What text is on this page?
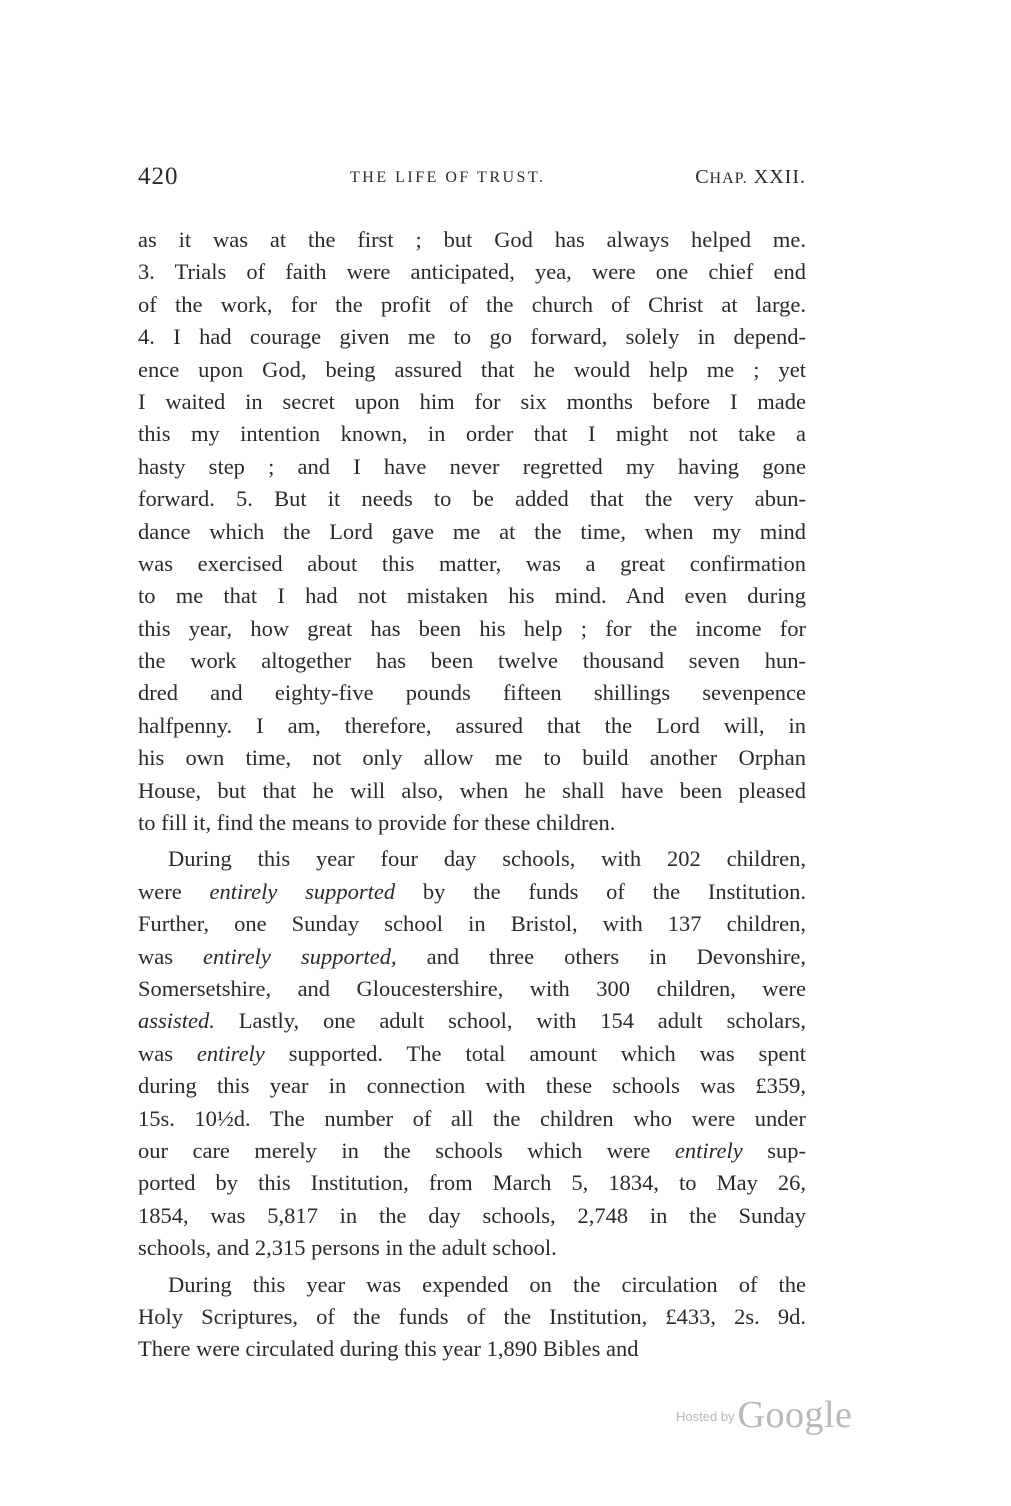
420	THE LIFE OF TRUST.	CHAP. XXII.
as it was at the first ; but God has always helped me.
3. Trials of faith were anticipated, yea, were one chief end
of the work, for the profit of the church of Christ at large.
4. I had courage given me to go forward, solely in depend-
ence upon God, being assured that he would help me ; yet
I waited in secret upon him for six months before I made
this my intention known, in order that I might not take a
hasty step ; and I have never regretted my having gone
forward. 5. But it needs to be added that the very abun-
dance which the Lord gave me at the time, when my mind
was exercised about this matter, was a great confirmation
to me that I had not mistaken his mind. And even during
this year, how great has been his help ; for the income for
the work altogether has been twelve thousand seven hun-
dred and eighty-five pounds fifteen shillings sevenpence
halfpenny. I am, therefore, assured that the Lord will, in
his own time, not only allow me to build another Orphan
House, but that he will also, when he shall have been pleased
to fill it, find the means to provide for these children.
During this year four day schools, with 202 children,
were entirely supported by the funds of the Institution.
Further, one Sunday school in Bristol, with 137 children,
was entirely supported, and three others in Devonshire,
Somersetshire, and Gloucestershire, with 300 children, were
assisted. Lastly, one adult school, with 154 adult scholars,
was entirely supported. The total amount which was spent
during this year in connection with these schools was £359,
15s. 10½d. The number of all the children who were under
our care merely in the schools which were entirely sup-
ported by this Institution, from March 5, 1834, to May 26,
1854, was 5,817 in the day schools, 2,748 in the Sunday
schools, and 2,315 persons in the adult school.
During this year was expended on the circulation of the
Holy Scriptures, of the funds of the Institution, £433, 2s. 9d.
There were circulated during this year 1,890 Bibles and
$^{Hosted by}$Google
